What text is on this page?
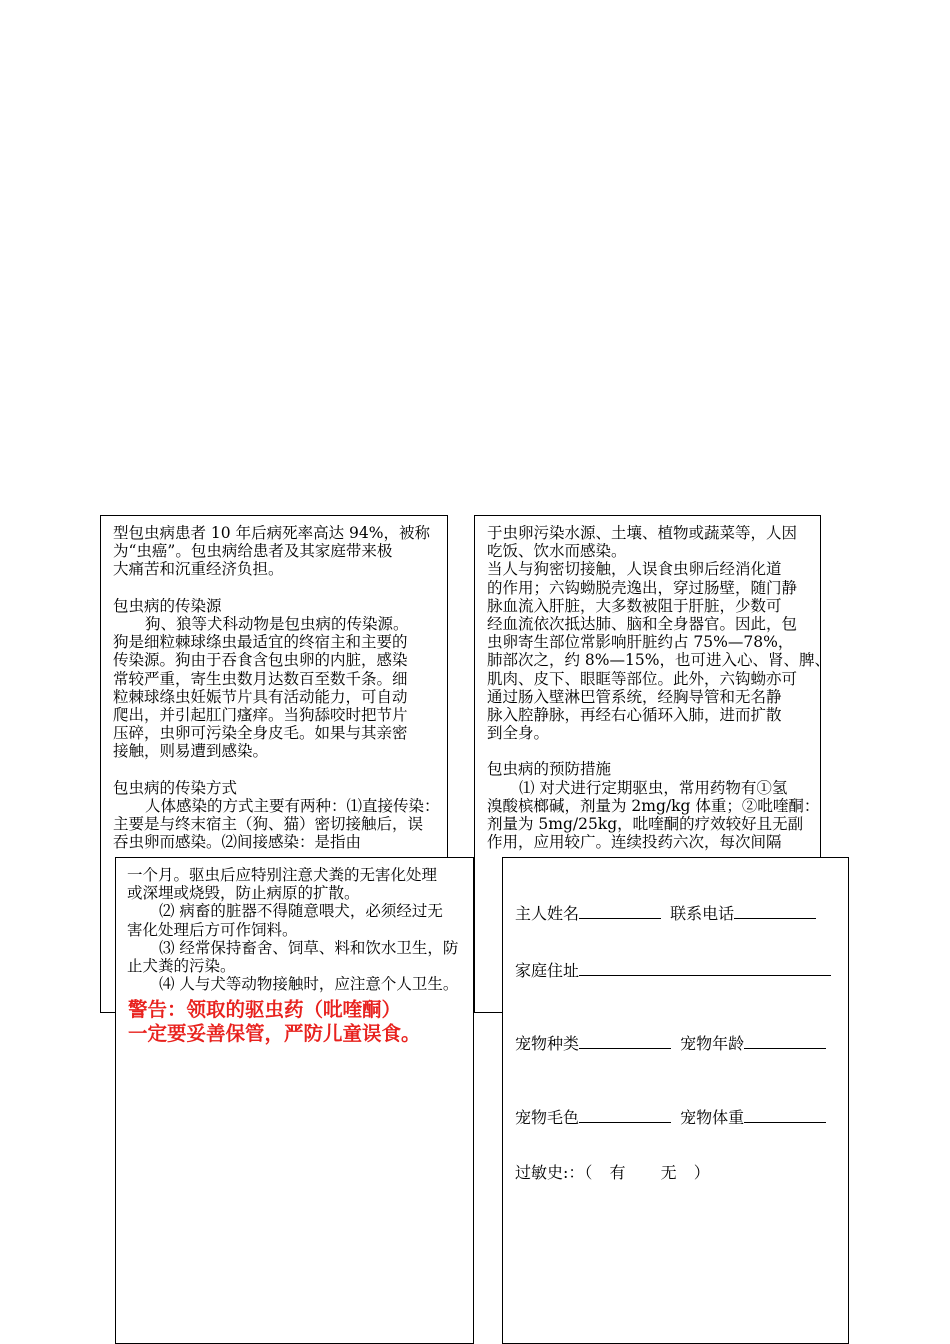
型包虫病患者 10 年后病死率高达 94%，被称
为“虫癌”。包虫病给患者及其家庭带来极
大痛苦和沉重经济负担。
包虫病的传染源
狗、狼等犬科动物是包虫病的传染源。
狗是细粒棘球绦虫最适宜的终宿主和主要的
传染源。狗由于吞食含包虫卵的内脏，感染
常较严重，寄生虫数月达数百至数千条。细
粒棘球绦虫妊娠节片具有活动能力，可自动
爬出，并引起肛门瘙痒。当狗舔咬时把节片
压碎，虫卵可污染全身皮毛。如果与其亲密
接触，则易遭到感染。
包虫病的传染方式
人体感染的方式主要有两种：⑴直接传染：
主要是与终末宿主（狗、猫）密切接触后，误
吞虫卵而感染。⑵间接感染：是指由
于虫卵污染水源、土壤、植物或蔬菜等，人因
吃饭、饮水而感染。
当人与狗密切接触，人误食虫卵后经消化道
的作用；六钩蚴脱壳逸出，穿过肠壁，随门静
脉血流入肝脏，大多数被阻于肝脏，少数可
经血流依次抵达肺、脑和全身器官。因此，包
虫卵寄生部位常影响肝脏约占 75%—78%，
肺部次之，约 8%—15%，也可进入心、肾、脾、
肌肉、皮下、眼眶等部位。此外，六钩蚴亦可
通过肠入壁淋巴管系统，经胸导管和无名静
脉入腔静脉，再经右心循环入肺，进而扩散
到全身。
包虫病的预防措施
⑴ 对犬进行定期驱虫，常用药物有①氢
溴酸槟榔碱，剂量为 2mg/kg 体重；②吡喹酮：
剂量为 5mg/25kg，吡喹酮的疗效较好且无副
作用，应用较广。连续投药六次，每次间隔
一个月。驱虫后应特别注意犬粪的无害化处理
或深埋或烧毁，防止病原的扩散。
⑵ 病畜的脏器不得随意喂犬，必须经过无
害化处理后方可作饲料。
⑶ 经常保持畜舍、饲草、料和饮水卫生，防
止犬粪的污染。
⑷ 人与犬等动物接触时，应注意个人卫生。
警告：领取的驱虫药（吡喹酮）
一定要妥善保管，严防儿童误食。
主人姓名	联系电话
家庭住址
宠物种类	宠物年龄
宠物毛色	宠物体重
过敏史:：（ 有 无 ）
